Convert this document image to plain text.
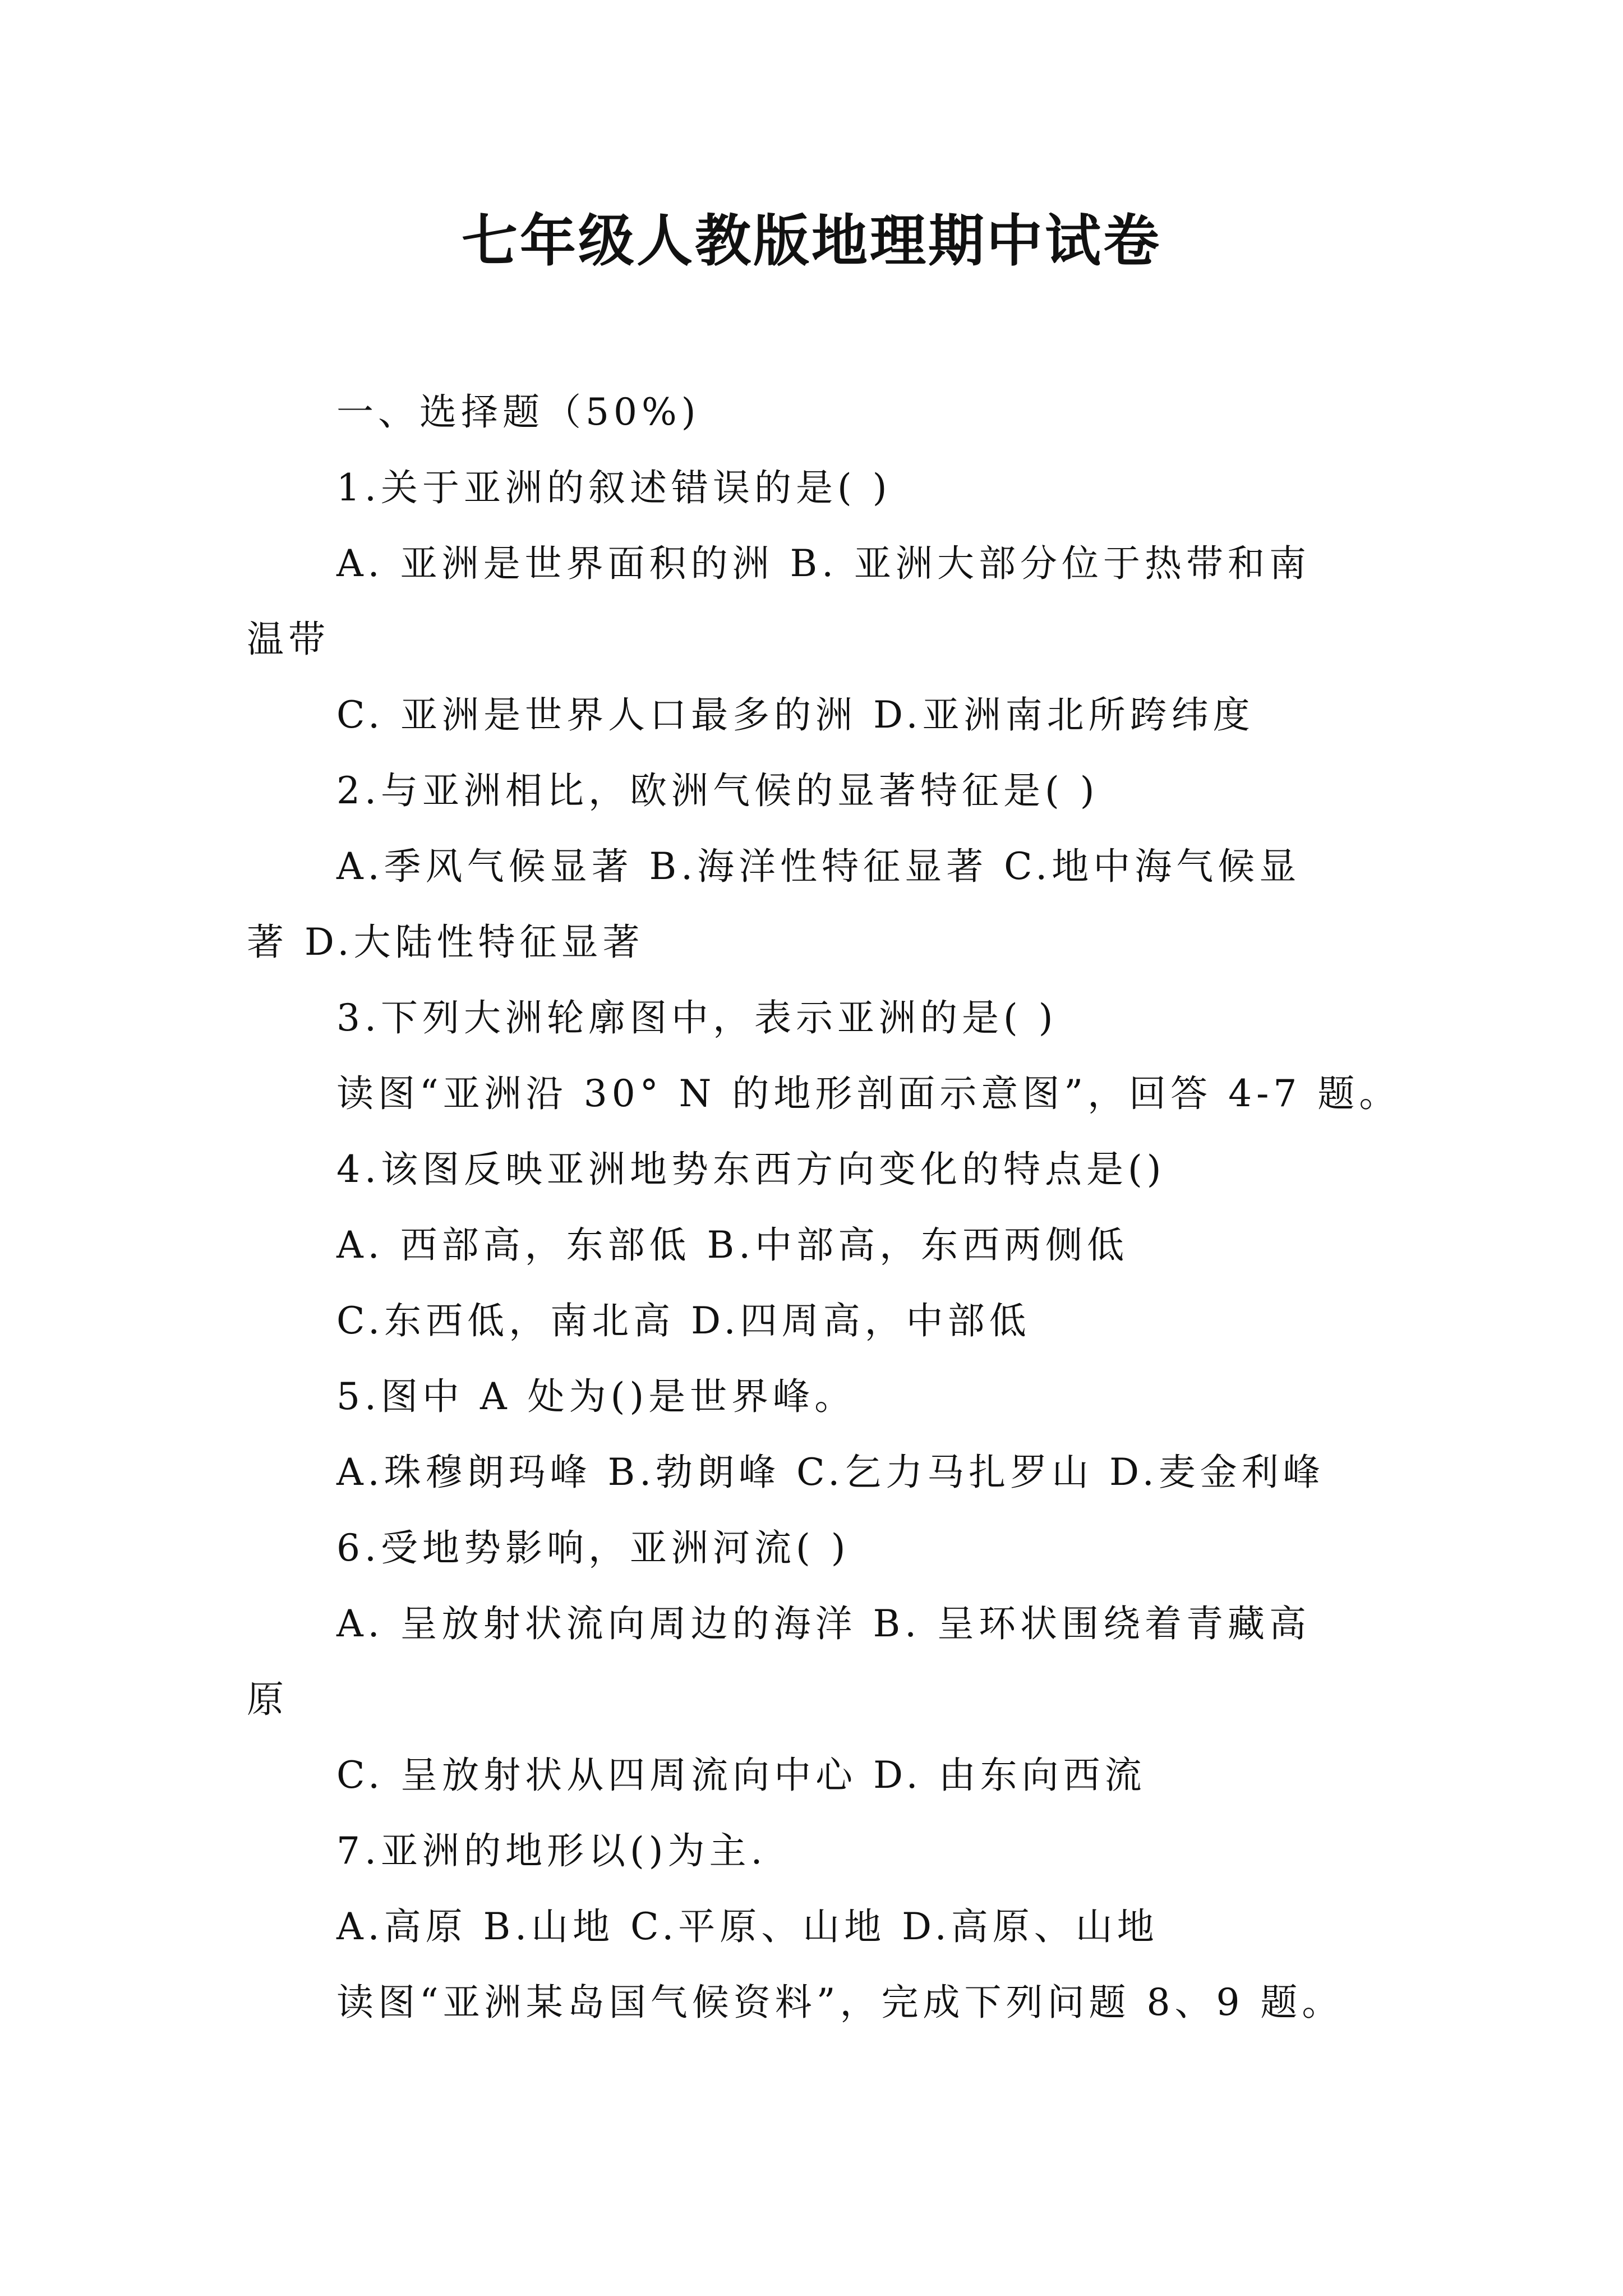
七年级人教版地理期中试卷

一、选择题（50%)

1.关于亚洲的叙述错误的是( )

A. 亚洲是世界面积的洲 B. 亚洲大部分位于热带和南

温带

C. 亚洲是世界人口最多的洲 D.亚洲南北所跨纬度

2.与亚洲相比，欧洲气候的显著特征是( )

A.季风气候显著 B.海洋性特征显著 C.地中海气候显

著 D.大陆性特征显著

3.下列大洲轮廓图中，表示亚洲的是( )

读图“亚洲沿 30° N 的地形剖面示意图”，回答 4-7 题。

4.该图反映亚洲地势东西方向变化的特点是()

A. 西部高，东部低 B.中部高，东西两侧低

C.东西低，南北高 D.四周高，中部低

5.图中 A 处为()是世界峰。

A.珠穆朗玛峰 B.勃朗峰 C.乞力马扎罗山 D.麦金利峰

6.受地势影响，亚洲河流( )

A. 呈放射状流向周边的海洋 B. 呈环状围绕着青藏高

原

C. 呈放射状从四周流向中心 D. 由东向西流

7.亚洲的地形以()为主.

A.高原 B.山地 C.平原、山地 D.高原、山地

读图“亚洲某岛国气候资料”，完成下列问题 8、9 题。
